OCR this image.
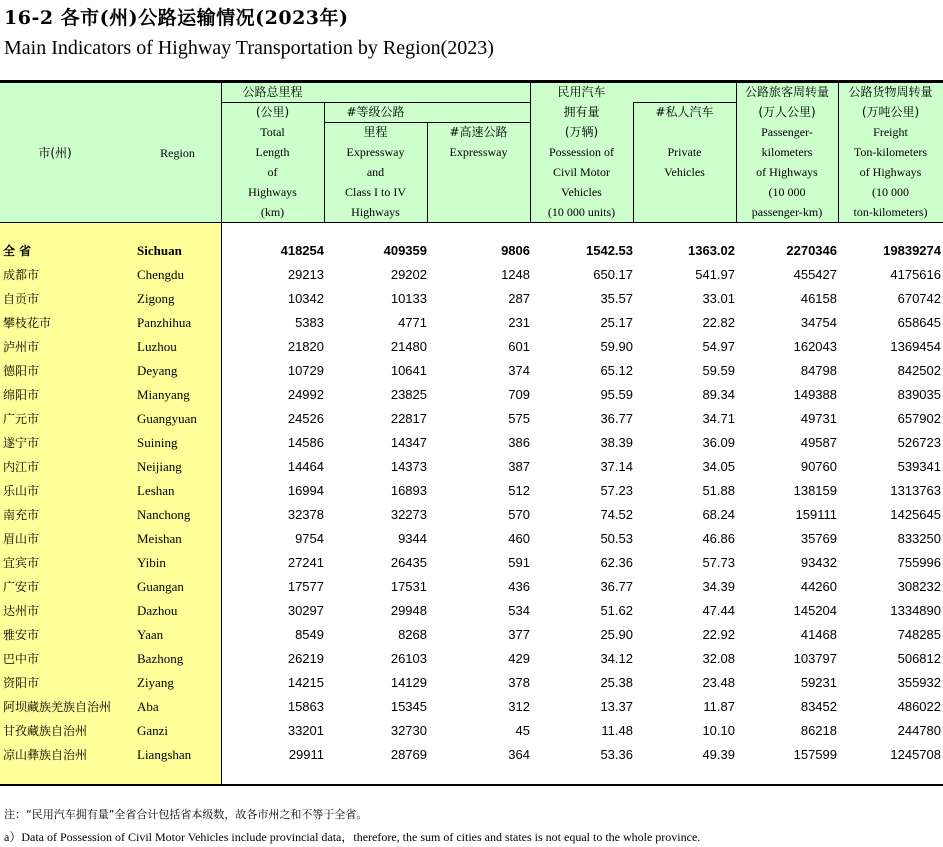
16-2 各市(州)公路运输情况(2023年)
Main Indicators of Highway Transportation by Region(2023)
市(州)	Region
公路总里程
(公里)
Total
Length
of
Highways
(km)
#等级公路
里程
Expressway
and
Class I to IV
Highways
#高速公路
Expressway
民用汽车
拥有量
(万辆)
Possession of
Civil Motor
Vehicles
(10 000 units)
#私人汽车
Private
Vehicles
公路旅客周转量
(万人公里)
Passenger-
kilometers
of Highways
(10 000
passenger-km)
公路货物周转量
(万吨公里)
Freight
Ton-kilometers
of Highways
(10 000
ton-kilometers)
全 省	Sichuan	418254	409359	9806	1542.53	1363.02	2270346	19839274
成都市	Chengdu	29213	29202	1248	650.17	541.97	455427	4175616
自贡市	Zigong	10342	10133	287	35.57	33.01	46158	670742
攀枝花市	Panzhihua	5383	4771	231	25.17	22.82	34754	658645
泸州市	Luzhou	21820	21480	601	59.90	54.97	162043	1369454
德阳市	Deyang	10729	10641	374	65.12	59.59	84798	842502
绵阳市	Mianyang	24992	23825	709	95.59	89.34	149388	839035
广元市	Guangyuan	24526	22817	575	36.77	34.71	49731	657902
遂宁市	Suining	14586	14347	386	38.39	36.09	49587	526723
内江市	Neijiang	14464	14373	387	37.14	34.05	90760	539341
乐山市	Leshan	16994	16893	512	57.23	51.88	138159	1313763
南充市	Nanchong	32378	32273	570	74.52	68.24	159111	1425645
眉山市	Meishan	9754	9344	460	50.53	46.86	35769	833250
宜宾市	Yibin	27241	26435	591	62.36	57.73	93432	755996
广安市	Guangan	17577	17531	436	36.77	34.39	44260	308232
达州市	Dazhou	30297	29948	534	51.62	47.44	145204	1334890
雅安市	Yaan	8549	8268	377	25.90	22.92	41468	748285
巴中市	Bazhong	26219	26103	429	34.12	32.08	103797	506812
资阳市	Ziyang	14215	14129	378	25.38	23.48	59231	355932
阿坝藏族羌族自治州 Aba	15863	15345	312	13.37	11.87	83452	486022
甘孜藏族自治州	Ganzi	33201	32730	45	11.48	10.10	86218	244780
凉山彝族自治州	Liangshan	29911	28769	364	53.36	49.39	157599	1245708
注：“民用汽车拥有量”全省合计包括省本级数，故各市州之和不等于全省。
a）Data of Possession of Civil Motor Vehicles include provincial data，therefore, the sum of cities and states is not equal to the whole province.
